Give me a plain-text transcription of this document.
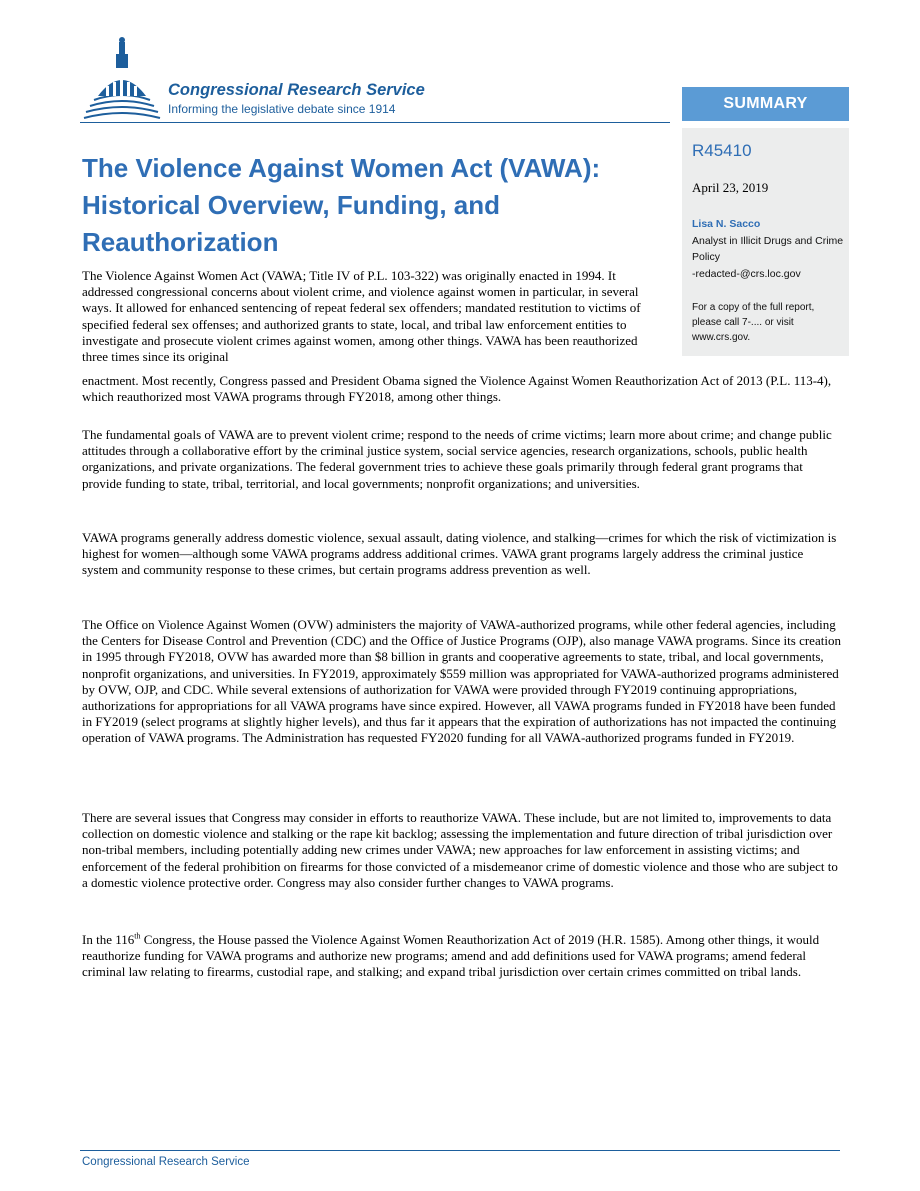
Congressional Research Service
Informing the legislative debate since 1914	SUMMARY
R45410
April 23, 2019
Lisa N. Sacco
Analyst in Illicit Drugs and Crime Policy
-redacted-@crs.loc.gov
For a copy of the full report, please call 7-.... or visit www.crs.gov.
The Violence Against Women Act (VAWA):
Historical Overview, Funding, and
Reauthorization

The Violence Against Women Act (VAWA; Title IV of P.L. 103-322) was originally enacted in 1994. It addressed congressional concerns about violent crime, and violence against women in particular, in several ways. It allowed for enhanced sentencing of repeat federal sex offenders; mandated restitution to victims of specified federal sex offenses; and authorized grants to state, local, and tribal law enforcement entities to investigate and prosecute violent crimes against women, among other things. VAWA has been reauthorized three times since its original

enactment. Most recently, Congress passed and President Obama signed the Violence Against Women Reauthorization Act of 2013 (P.L. 113-4), which reauthorized most VAWA programs through FY2018, among other things.

The fundamental goals of VAWA are to prevent violent crime; respond to the needs of crime victims; learn more about crime; and change public attitudes through a collaborative effort by the criminal justice system, social service agencies, research organizations, schools, public health organizations, and private organizations. The federal government tries to achieve these goals primarily through federal grant programs that provide funding to state, tribal, territorial, and local governments; nonprofit organizations; and universities.

VAWA programs generally address domestic violence, sexual assault, dating violence, and stalking—crimes for which the risk of victimization is highest for women—although some VAWA programs address additional crimes. VAWA grant programs largely address the criminal justice system and community response to these crimes, but certain programs address prevention as well.

The Office on Violence Against Women (OVW) administers the majority of VAWA-authorized programs, while other federal agencies, including the Centers for Disease Control and Prevention (CDC) and the Office of Justice Programs (OJP), also manage VAWA programs. Since its creation in 1995 through FY2018, OVW has awarded more than $8 billion in grants and cooperative agreements to state, tribal, and local governments, nonprofit organizations, and universities. In FY2019, approximately $559 million was appropriated for VAWA-authorized programs administered by OVW, OJP, and CDC. While several extensions of authorization for VAWA were provided through FY2019 continuing appropriations, authorizations for appropriations for all VAWA programs have since expired. However, all VAWA programs funded in FY2018 have been funded in FY2019 (select programs at slightly higher levels), and thus far it appears that the expiration of authorizations has not impacted the continuing operation of VAWA programs. The Administration has requested FY2020 funding for all VAWA-authorized programs funded in FY2019.

There are several issues that Congress may consider in efforts to reauthorize VAWA. These include, but are not limited to, improvements to data collection on domestic violence and stalking or the rape kit backlog; assessing the implementation and future direction of tribal jurisdiction over non-tribal members, including potentially adding new crimes under VAWA; new approaches for law enforcement in assisting victims; and enforcement of the federal prohibition on firearms for those convicted of a misdemeanor crime of domestic violence and those who are subject to a domestic violence protective order. Congress may also consider further changes to VAWA programs.

In the 116th Congress, the House passed the Violence Against Women Reauthorization Act of 2019 (H.R. 1585). Among other things, it would reauthorize funding for VAWA programs and authorize new programs; amend and add definitions used for VAWA programs; amend federal criminal law relating to firearms, custodial rape, and stalking; and expand tribal jurisdiction over certain crimes committed on tribal lands.

Congressional Research Service
